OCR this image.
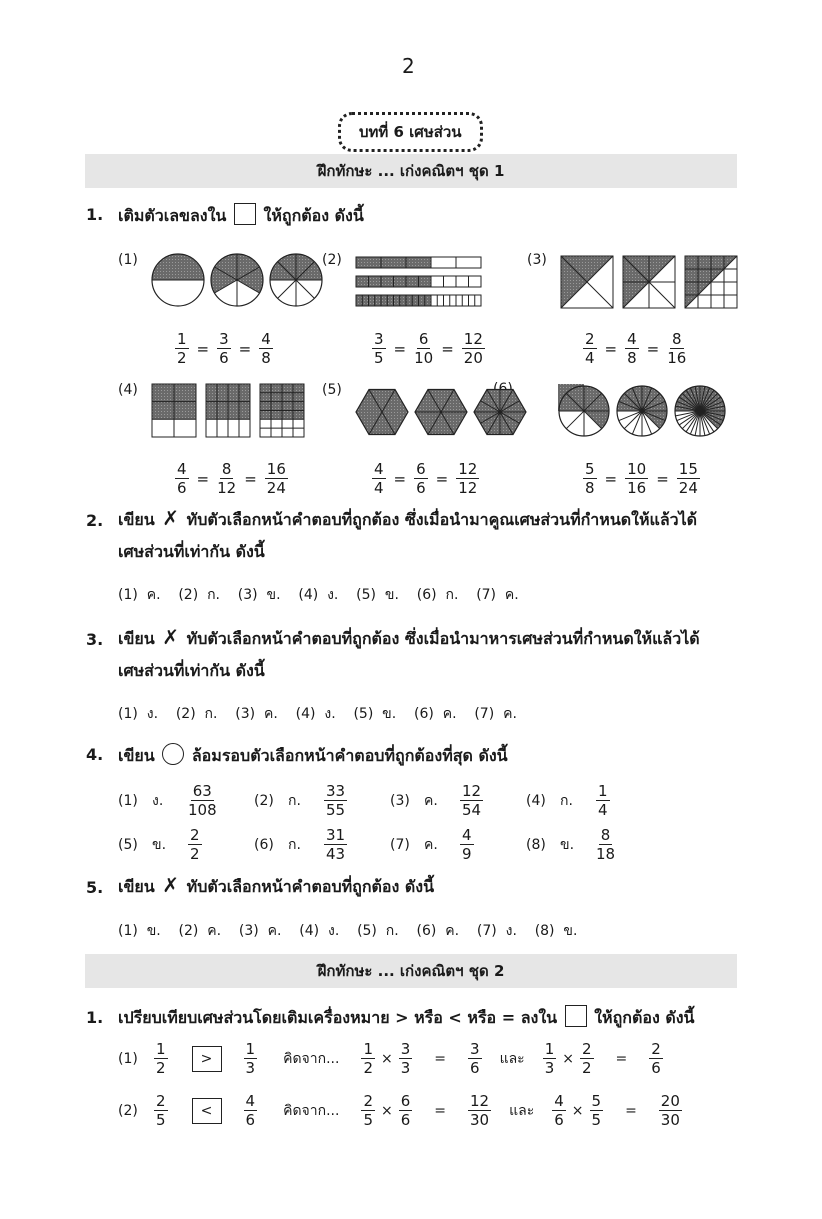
2
บทที่ 6 เศษส่วน
ฝึกทักษะ ... เก่งคณิตฯ ชุด 1
1. เติมตัวเลขลงใน ให้ถูกต้อง ดังนี้
(1)	(2)	(3)
(4)	(5)
$\frac{1}{2} = \frac{3}{6} = \frac{4}{8}$	$\frac{3}{5} = \frac{6}{10} = \frac{12}{20}$	$\frac{2}{4} = \frac{4}{8} = \frac{8}{16}$
$\frac{4}{6} = \frac{8}{12} = \frac{16}{24}$	$\frac{4}{4} = \frac{6}{6} = \frac{12}{12}$	$\frac{5}{8} = \frac{10}{16} = \frac{15}{24}$
2. เขียน ✗ ทับตัวเลือกหน้าคำตอบที่ถูกต้อง ซึ่งเมื่อนำมาคูณเศษส่วนที่กำหนดให้แล้วได้
เศษส่วนที่เท่ากัน ดังนี้
(1)  ค.    (2)  ก.    (3)  ข.    (4)  ง.    (5)  ข.    (6)  ก.    (7)  ค.
3. เขียน ✗ ทับตัวเลือกหน้าคำตอบที่ถูกต้อง ซึ่งเมื่อนำมาหารเศษส่วนที่กำหนดให้แล้วได้
เศษส่วนที่เท่ากัน ดังนี้
(1)  ง.    (2)  ก.    (3)  ค.    (4)  ง.    (5)  ข.    (6)  ค.    (7)  ค.
4. เขียน ○ ล้อมรอบตัวเลือกหน้าคำตอบที่ถูกต้องที่สุด ดังนี้
(1)	ง.	$\frac{63}{108}$	(2)	ก.	$\frac{33}{55}$	(3)	ค.	$\frac{12}{54}$	(4)	ก.	$\frac{1}{4}$
(5)	ข.	$\frac{2}{2}$	(6)	ก.	$\frac{31}{43}$	(7)	ค.	$\frac{4}{9}$	(8)	ข.	$\frac{8}{18}$
5. เขียน ✗ ทับตัวเลือกหน้าคำตอบที่ถูกต้อง ดังนี้
(1)  ข.    (2)  ค.    (3)  ค.    (4)  ง.    (5)  ก.    (6)  ค.    (7)  ง.    (8)  ข.
ฝึกทักษะ ... เก่งคณิตฯ ชุด 2
1. เปรียบเทียบเศษส่วนโดยเติมเครื่องหมาย > หรือ < หรือ = ลงใน ให้ถูกต้อง ดังนี้
(1)	$\frac{1}{2}$	>	$\frac{1}{3}$ คิดจาก... $\frac{1}{2} \times \frac{3}{3} = \frac{3}{6}$ และ $\frac{1}{3} \times \frac{2}{2} = \frac{2}{6}$
(2)	$\frac{2}{5}$	<	$\frac{4}{6}$ คิดจาก... $\frac{2}{5} \times \frac{6}{6} = \frac{12}{30}$ และ $\frac{4}{6} \times \frac{5}{5} = \frac{20}{30}$
